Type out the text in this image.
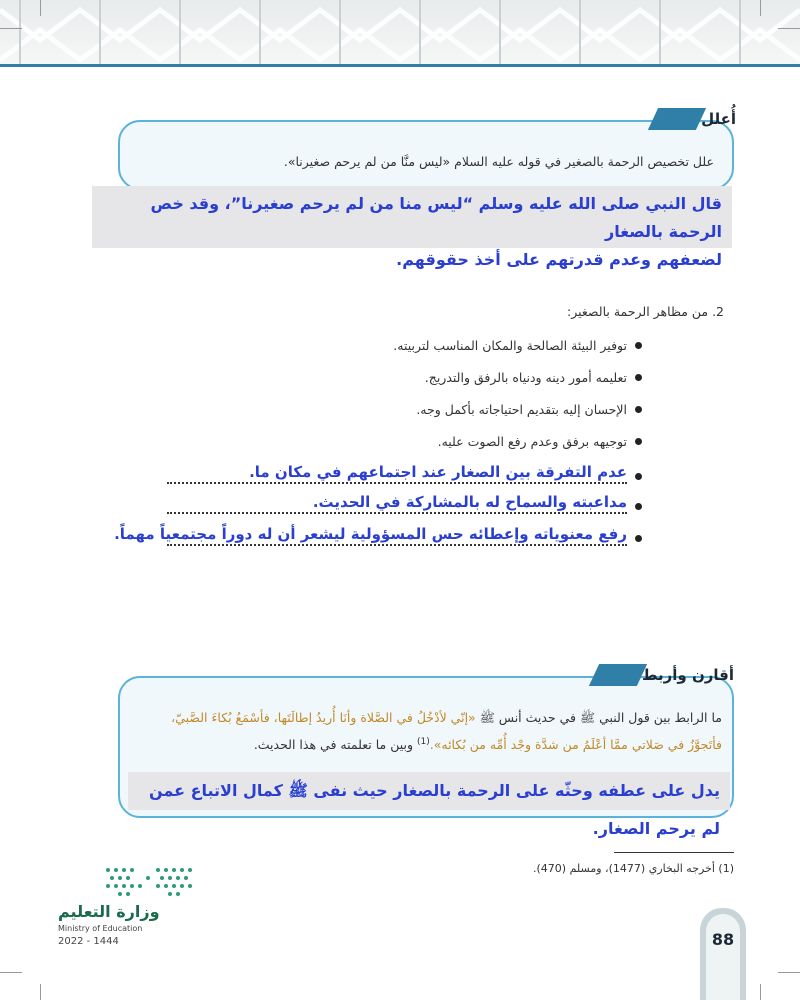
أُعلل
علل تخصيص الرحمة بالصغير في قوله عليه السلام «ليس منَّا من لم يرحم صغيرنا».
قال النبي صلى الله عليه وسلم “ليس منا من لم يرحم صغيرنا”، وقد خص الرحمة بالصغار
لضعفهم وعدم قدرتهم على أخذ حقوقهم.
2. من مظاهر الرحمة بالصغير:
توفير البيئة الصالحة والمكان المناسب لتربيته.
تعليمه أمور دينه ودنياه بالرفق والتدريج.
الإحسان إليه بتقديم احتياجاته بأكمل وجه.
توجيهه برفق وعدم رفع الصوت عليه.
عدم التفرقة بين الصغار عند اجتماعهم في مكان ما.
مداعبته والسماح له بالمشاركة في الحديث.
رفع معنوياته وإعطائه حس المسؤولية ليشعر أن له دوراً مجتمعياً مهماً.
أقارن وأربط
ما الرابط بين قول النبي ﷺ في حديث أنس ﷺ «إنّي لأدْخُلُ في الصَّلاة وأنَا أُريدُ إطالَتَها، فأسْمَعُ بُكاءَ الصَّبيّ، فأتَجوَّزُ في صَلاتي ممَّا أعْلَمُ من شدَّة وجْد أُمِّه من بُكائه».$^{(1)}$ وبين ما تعلمته في هذا الحديث.
يدل على عطفه وحثّه على الرحمة بالصغار حيث نفى ﷺ كمال الاتباع عمن لم يرحم الصغار.
(1) أخرجه البخاري (1477)، ومسلم (470).
وزارة التعليم
Ministry of Education
2022 - 1444	88
